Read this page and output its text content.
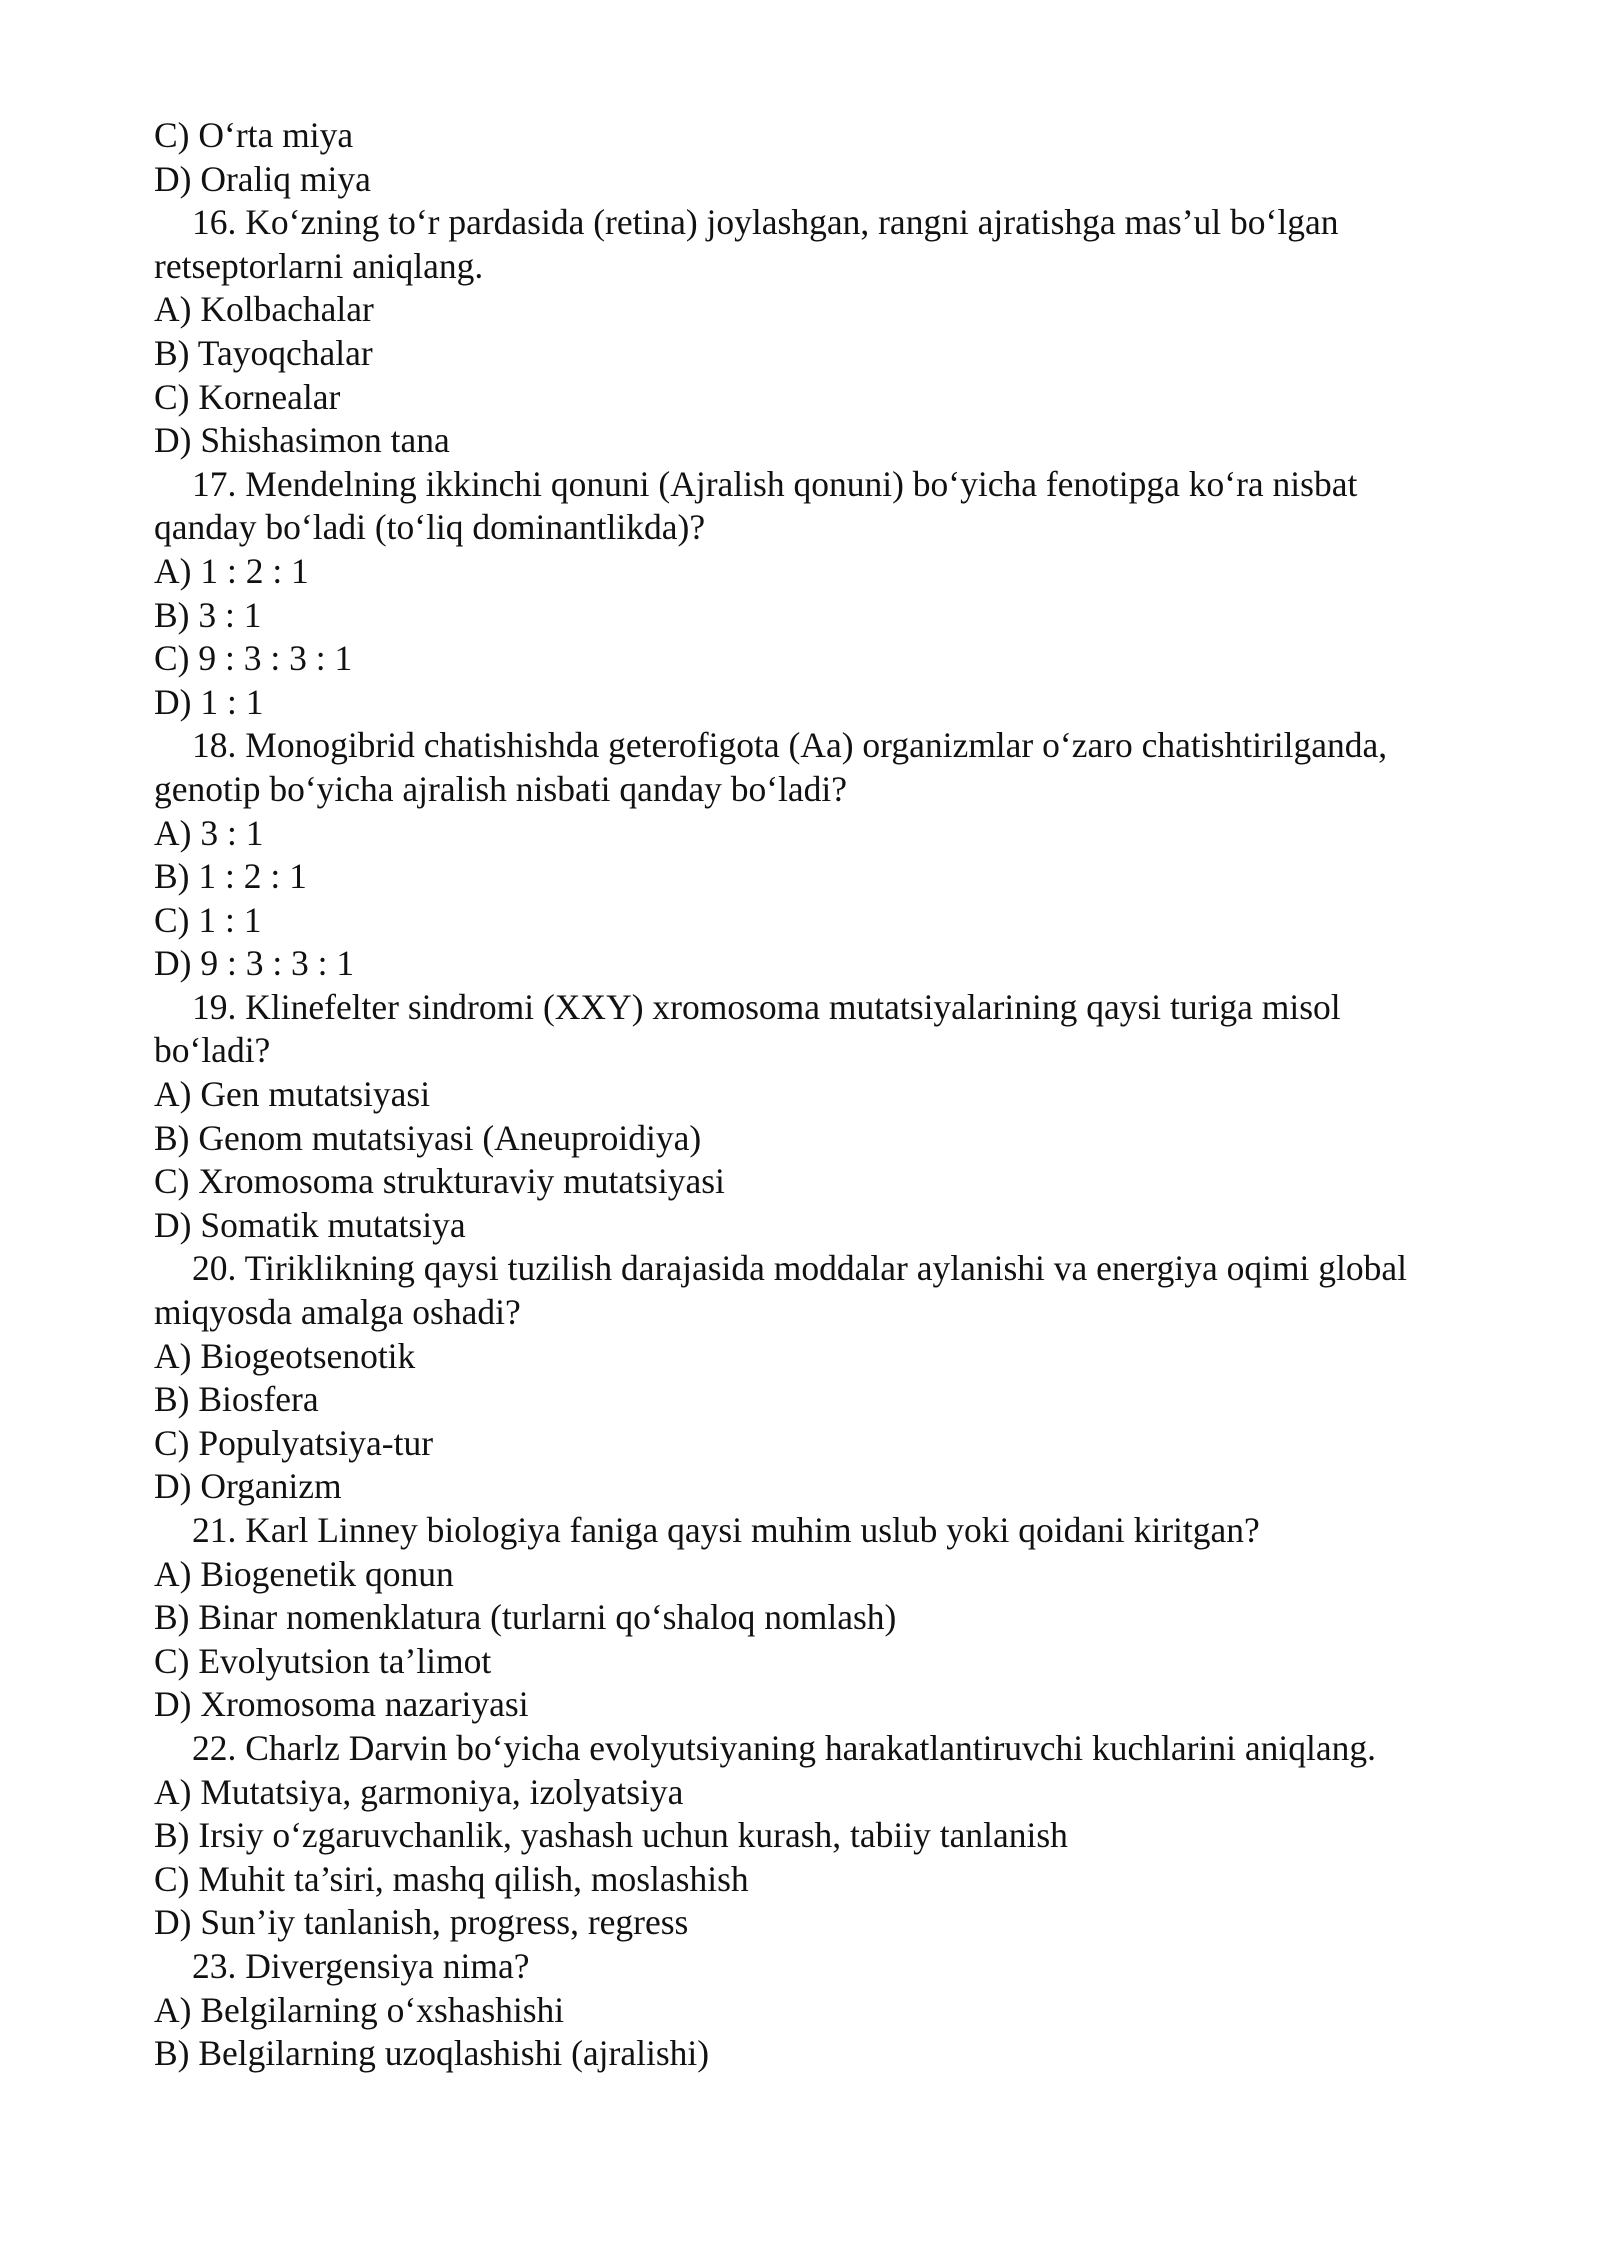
C) O‘rta miya
D) Oraliq miya
16. Ko‘zning to‘r pardasida (retina) joylashgan, rangni ajratishga mas’ul bo‘lgan
retseptorlarni aniqlang.
A) Kolbachalar
B) Tayoqchalar
C) Kornealar
D) Shishasimon tana
17. Mendelning ikkinchi qonuni (Ajralish qonuni) bo‘yicha fenotipga ko‘ra nisbat
qanday bo‘ladi (to‘liq dominantlikda)?
A) 1 : 2 : 1
B) 3 : 1
C) 9 : 3 : 3 : 1
D) 1 : 1
18. Monogibrid chatishishda geterofigota (Aa) organizmlar o‘zaro chatishtirilganda,
genotip bo‘yicha ajralish nisbati qanday bo‘ladi?
A) 3 : 1
B) 1 : 2 : 1
C) 1 : 1
D) 9 : 3 : 3 : 1
19. Klinefelter sindromi (XXY) xromosoma mutatsiyalarining qaysi turiga misol
bo‘ladi?
A) Gen mutatsiyasi
B) Genom mutatsiyasi (Aneuproidiya)
C) Xromosoma strukturaviy mutatsiyasi
D) Somatik mutatsiya
20. Tiriklikning qaysi tuzilish darajasida moddalar aylanishi va energiya oqimi global
miqyosda amalga oshadi?
A) Biogeotsenotik
B) Biosfera
C) Populyatsiya-tur
D) Organizm
21. Karl Linney biologiya faniga qaysi muhim uslub yoki qoidani kiritgan?
A) Biogenetik qonun
B) Binar nomenklatura (turlarni qo‘shaloq nomlash)
C) Evolyutsion ta’limot
D) Xromosoma nazariyasi
22. Charlz Darvin bo‘yicha evolyutsiyaning harakatlantiruvchi kuchlarini aniqlang.
A) Mutatsiya, garmoniya, izolyatsiya
B) Irsiy o‘zgaruvchanlik, yashash uchun kurash, tabiiy tanlanish
C) Muhit ta’siri, mashq qilish, moslashish
D) Sun’iy tanlanish, progress, regress
23. Divergensiya nima?
A) Belgilarning o‘xshashishi
B) Belgilarning uzoqlashishi (ajralishi)
